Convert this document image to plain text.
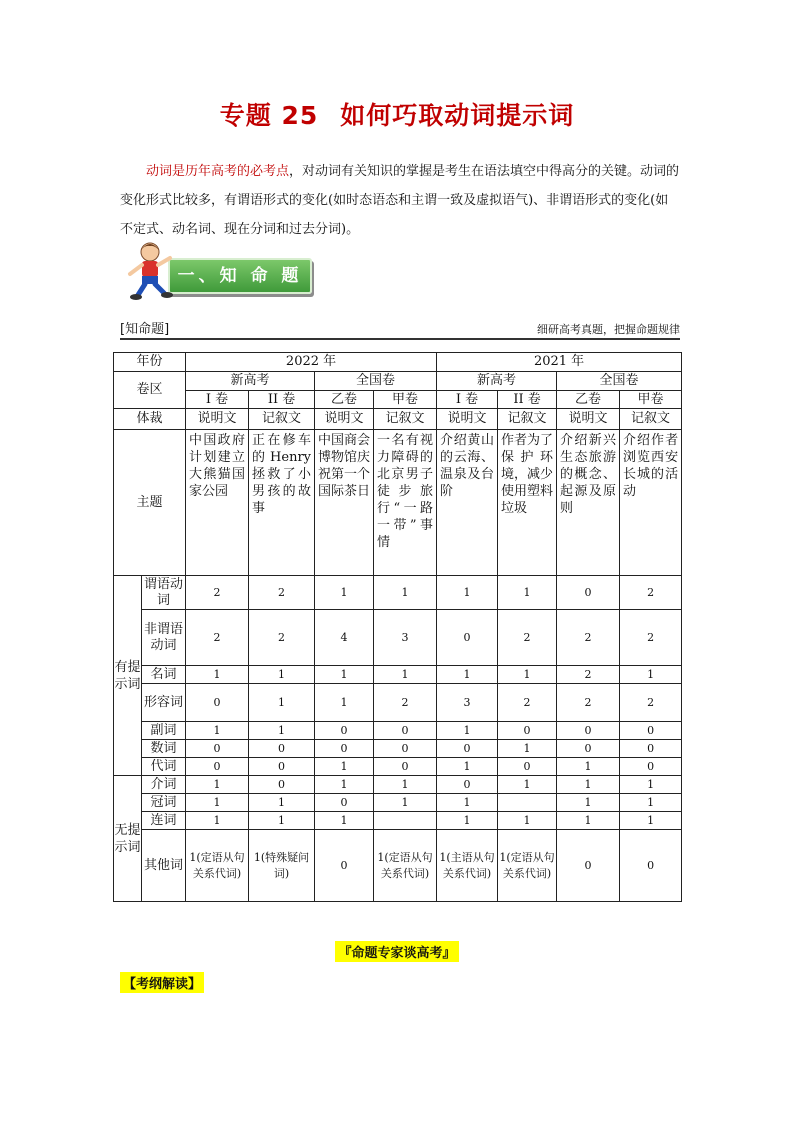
专题 25 如何巧取动词提示词

动词是历年高考的必考点，对动词有关知识的掌握是考生在语法填空中得高分的关键。动词的变化形式比较多，有谓语形式的变化(如时态语态和主谓一致及虚拟语气)、非谓语形式的变化(如不定式、动名词、现在分词和过去分词)。

一、知 命 题
[知命题]	细研高考真题，把握命题规律
年份		2022 年				2021 年			
卷区		新高考		全国卷		新高考		全国卷	
		I 卷	II 卷	乙卷	甲卷	I 卷	II 卷	乙卷	甲卷
体裁		说明文	记叙文	说明文	记叙文	说明文	记叙文	说明文	记叙文
主题		中国政府计划建立大熊猫国家公园	正在修车的Henry拯救了小男孩的故事	中国商会博物馆庆祝第一个国际茶日	一名有视力障碍的北京男子徒步旅行“一路一带”事情	介绍黄山的云海、温泉及台阶	作者为了保护环境，减少使用塑料垃圾	介绍新兴生态旅游的概念、起源及原则	介绍作者浏览西安长城的活动
有提示词	谓语动词	2	2	1	1	1	1	0	2
	非谓语动词	2	2	4	3	0	2	2	2
	名词	1	1	1	1	1	1	2	1
	形容词	0	1	1	2	3	2	2	2
	副词	1	1	0	0	1	0	0	0
	数词	0	0	0	0	0	1	0	0
	代词	0	0	1	0	1	0	1	0
无提示词	介词	1	0	1	1	0	1	1	1
	冠词	1	1	0	1	1		1	1
	连词	1	1	1		1	1	1	1
	其他词	1(定语从句关系代词)	1(特殊疑问词)	0	1(定语从句关系代词)	1(主语从句关系代词)	1(定语从句关系代词)	0	0
『命题专家谈高考』
【考纲解读】
